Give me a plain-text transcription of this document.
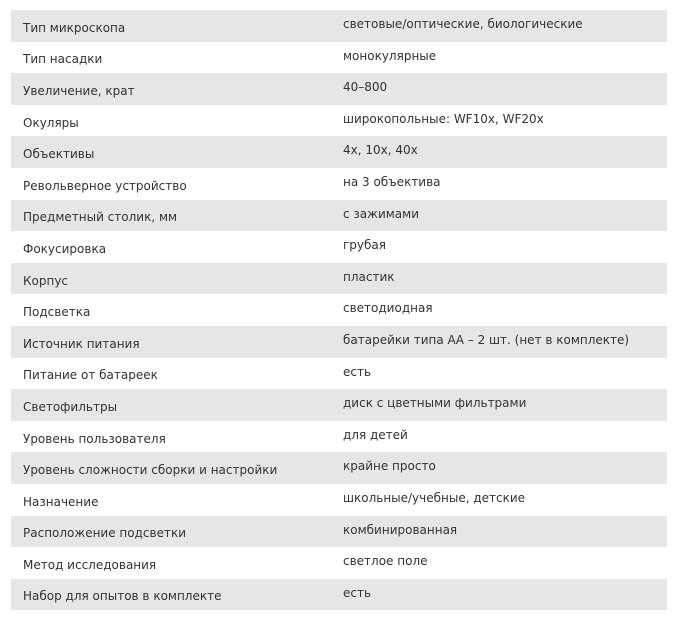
Тип микроскопа	световые/оптические, биологические
Тип насадки	монокулярные
Увеличение, крат	40–800
Окуляры	широкопольные: WF10x, WF20x
Объективы	4x, 10x, 40x
Револьверное устройство	на 3 объектива
Предметный столик, мм	с зажимами
Фокусировка	грубая
Корпус	пластик
Подсветка	светодиодная
Источник питания	батарейки типа АА – 2 шт. (нет в комплекте)
Питание от батареек	есть
Светофильтры	диск с цветными фильтрами
Уровень пользователя	для детей
Уровень сложности сборки и настройки	крайне просто
Назначение	школьные/учебные, детские
Расположение подсветки	комбинированная
Метод исследования	светлое поле
Набор для опытов в комплекте	есть
